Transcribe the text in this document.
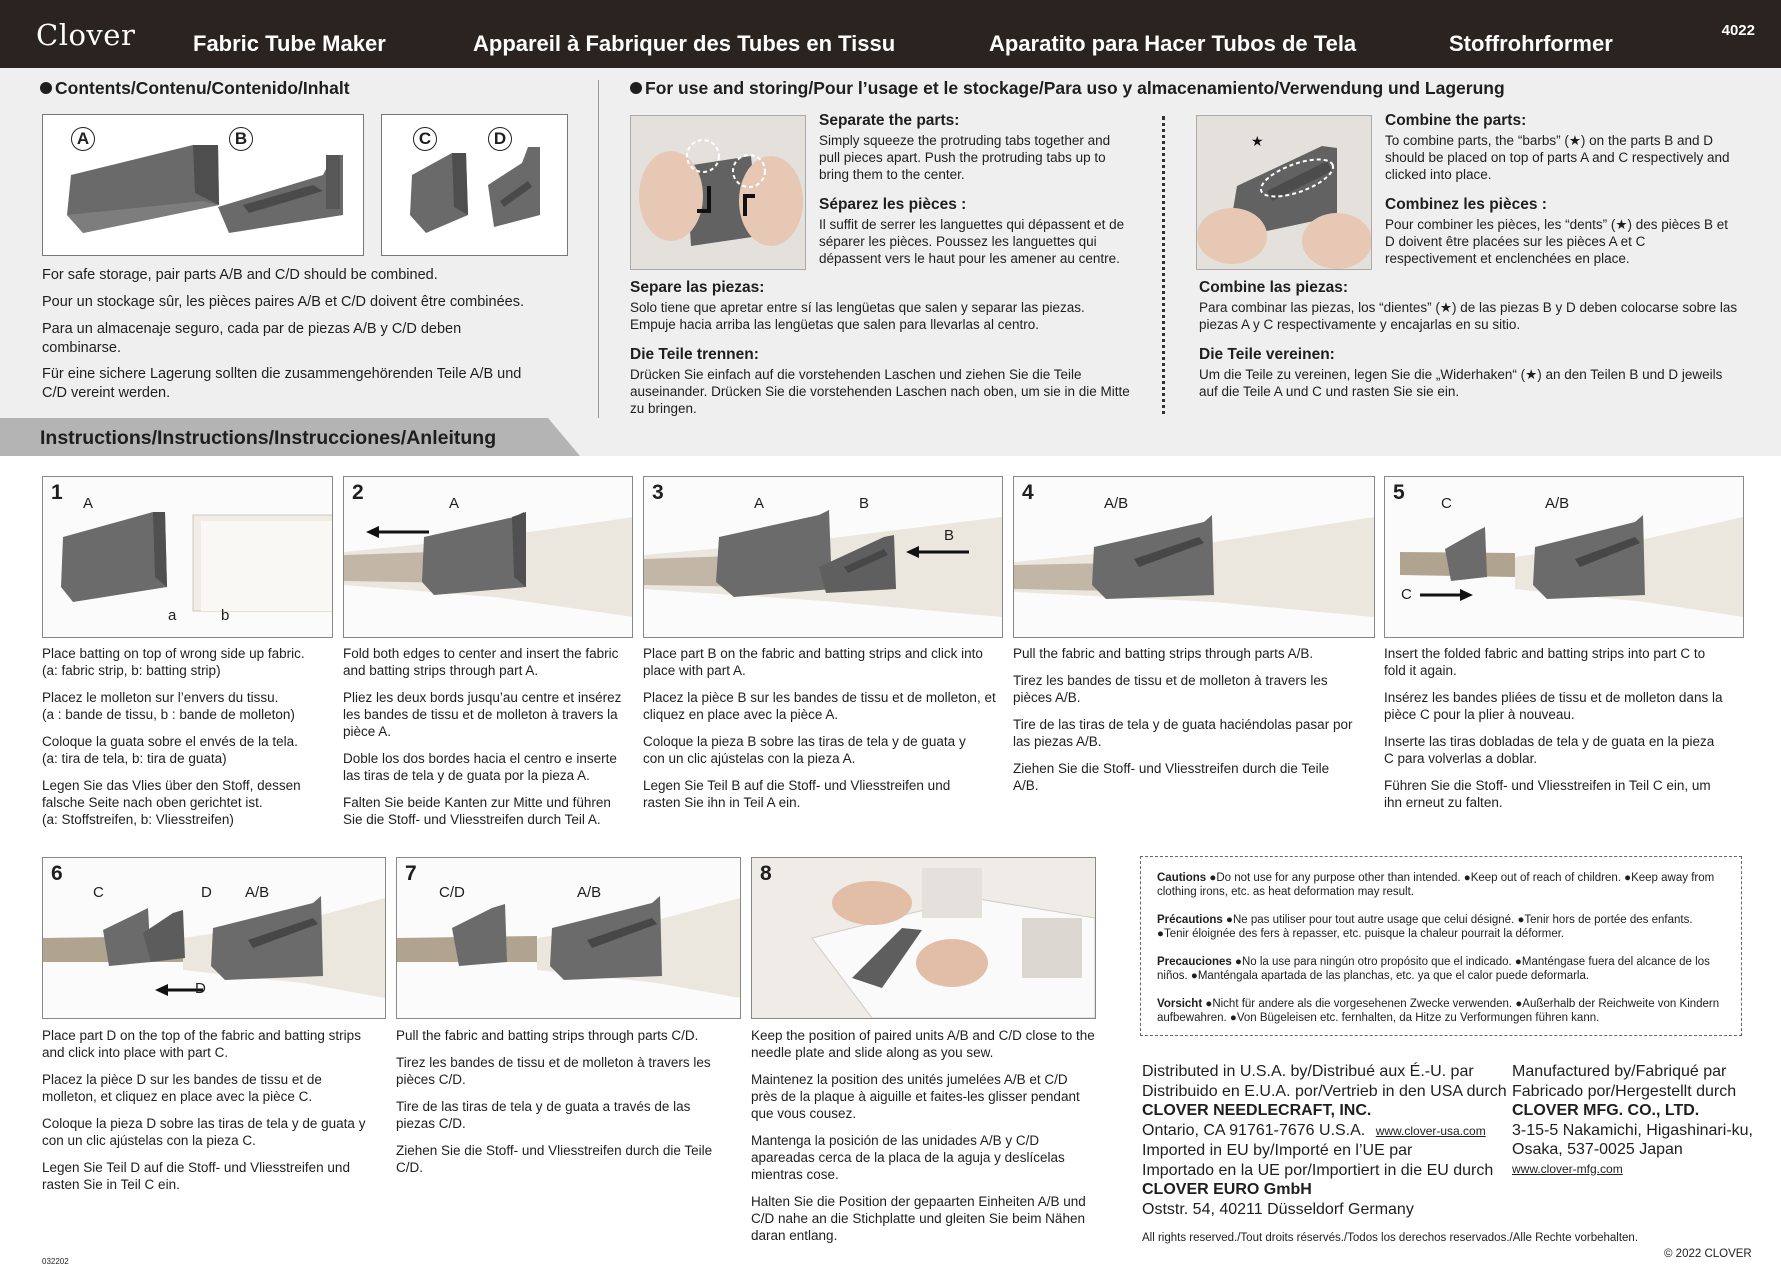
Clover	Fabric Tube Maker	Appareil à Fabriquer des Tubes en Tissu	Aparatito para Hacer Tubos de Tela	Stoffrohrformer
4022
Contents/Contenu/Contenido/Inhalt
A	B	C	D
For safe storage, pair parts A/B and C/D should be combined.
Pour un stockage sûr, les pièces paires A/B et C/D doivent être combinées.
Para un almacenaje seguro, cada par de piezas A/B y C/D deben combinarse.
Für eine sichere Lagerung sollten die zusammengehörenden Teile A/B und C/D vereint werden.
For use and storing/Pour l’usage et le stockage/Para uso y almacenamiento/Verwendung und Lagerung
Separate the parts:
Simply squeeze the protruding tabs together and pull pieces apart. Push the protruding tabs up to bring them to the center.
Séparez les pièces :
Il suffit de serrer les languettes qui dépassent et de séparer les pièces. Poussez les languettes qui dépassent vers le haut pour les amener au centre.
Separe las piezas:
Solo tiene que apretar entre sí las lengüetas que salen y separar las piezas. Empuje hacia arriba las lengüetas que salen para llevarlas al centro.
Die Teile trennen:
Drücken Sie einfach auf die vorstehenden Laschen und ziehen Sie die Teile auseinander. Drücken Sie die vorstehenden Laschen nach oben, um sie in die Mitte zu bringen.
★
Combine the parts:
To combine parts, the “barbs” (★) on the parts B and D should be placed on top of parts A and C respectively and clicked into place.
Combinez les pièces :
Pour combiner les pièces, les “dents” (★) des pièces B et D doivent être placées sur les pièces A et C respectivement et enclenchées en place.
Combine las piezas:
Para combinar las piezas, los “dientes” (★) de las piezas B y D deben colocarse sobre las piezas A y C respectivamente y encajarlas en su sitio.
Die Teile vereinen:
Um die Teile zu vereinen, legen Sie die „Widerhaken“ (★) an den Teilen B und D jeweils auf die Teile A und C und rasten Sie sie ein.
Instructions/Instructions/Instrucciones/Anleitung
1 A
a	b
Place batting on top of wrong side up fabric.
(a: fabric strip, b: batting strip)
Placez le molleton sur l’envers du tissu.
(a : bande de tissu, b : bande de molleton)
Coloque la guata sobre el envés de la tela.
(a: tira de tela, b: tira de guata)
Legen Sie das Vlies über den Stoff, dessen falsche Seite nach oben gerichtet ist.
(a: Stoffstreifen, b: Vliesstreifen)
2	A
Fold both edges to center and insert the fabric and batting strips through part A.
Pliez les deux bords jusqu’au centre et insérez les bandes de tissu et de molleton à travers la pièce A.
Doble los dos bordes hacia el centro e inserte las tiras de tela y de guata por la pieza A.
Falten Sie beide Kanten zur Mitte und führen Sie die Stoff- und Vliesstreifen durch Teil A.
3	A	B
B
Place part B on the fabric and batting strips and click into place with part A.
Placez la pièce B sur les bandes de tissu et de molleton, et cliquez en place avec la pièce A.
Coloque la pieza B sobre las tiras de tela y de guata y con un clic ajústelas con la pieza A.
Legen Sie Teil B auf die Stoff- und Vliesstreifen und rasten Sie ihn in Teil A ein.
4	A/B
Pull the fabric and batting strips through parts A/B.
Tirez les bandes de tissu et de molleton à travers les pièces A/B.
Tire de las tiras de tela y de guata haciéndolas pasar por las piezas A/B.
Ziehen Sie die Stoff- und Vliesstreifen durch die Teile A/B.
5 C	A/B
C
Insert the folded fabric and batting strips into part C to fold it again.
Insérez les bandes pliées de tissu et de molleton dans la pièce C pour la plier à nouveau.
Inserte las tiras dobladas de tela y de guata en la pieza C para volverlas a doblar.
Führen Sie die Stoff- und Vliesstreifen in Teil C ein, um ihn erneut zu falten.
6
C	D A/B
D
Place part D on the top of the fabric and batting strips and click into place with part C.
Placez la pièce D sur les bandes de tissu et de molleton, et cliquez en place avec la pièce C.
Coloque la pieza D sobre las tiras de tela y de guata y con un clic ajústelas con la pieza C.
Legen Sie Teil D auf die Stoff- und Vliesstreifen und rasten Sie in Teil C ein.
7
C/D	A/B
Pull the fabric and batting strips through parts C/D.
Tirez les bandes de tissu et de molleton à travers les pièces C/D.
Tire de las tiras de tela y de guata a través de las piezas C/D.
Ziehen Sie die Stoff- und Vliesstreifen durch die Teile C/D.
8
Keep the position of paired units A/B and C/D close to the needle plate and slide along as you sew.
Maintenez la position des unités jumelées A/B et C/D près de la plaque à aiguille et faites-les glisser pendant que vous cousez.
Mantenga la posición de las unidades A/B y C/D apareadas cerca de la placa de la aguja y deslícelas mientras cose.
Halten Sie die Position der gepaarten Einheiten A/B und C/D nahe an die Stichplatte und gleiten Sie beim Nähen daran entlang.
Cautions ●Do not use for any purpose other than intended. ●Keep out of reach of children. ●Keep away from clothing irons, etc. as heat deformation may result.
Précautions ●Ne pas utiliser pour tout autre usage que celui désigné. ●Tenir hors de portée des enfants. ●Tenir éloignée des fers à repasser, etc. puisque la chaleur pourrait la déformer.
Precauciones ●No la use para ningún otro propósito que el indicado. ●Manténgase fuera del alcance de los niños. ●Manténgala apartada de las planchas, etc. ya que el calor puede deformarla.
Vorsicht ●Nicht für andere als die vorgesehenen Zwecke verwenden. ●Außerhalb der Reichweite von Kindern aufbewahren. ●Von Bügeleisen etc. fernhalten, da Hitze zu Verformungen führen kann.
Distributed in U.S.A. by/Distribué aux É.-U. par
Distribuido en E.U.A. por/Vertrieb in den USA durch
CLOVER NEEDLECRAFT, INC.
Ontario, CA 91761-7676 U.S.A. www.clover-usa.com
Imported in EU by/Importé en l’UE par
Importado en la UE por/Importiert in die EU durch
CLOVER EURO GmbH
Oststr. 54, 40211 Düsseldorf Germany
Manufactured by/Fabriqué par
Fabricado por/Hergestellt durch
CLOVER MFG. CO., LTD.
3-15-5 Nakamichi, Higashinari-ku,
Osaka, 537-0025 Japan
www.clover-mfg.com
All rights reserved./Tout droits réservés./Todos los derechos reservados./Alle Rechte vorbehalten.
© 2022 CLOVER
032202
